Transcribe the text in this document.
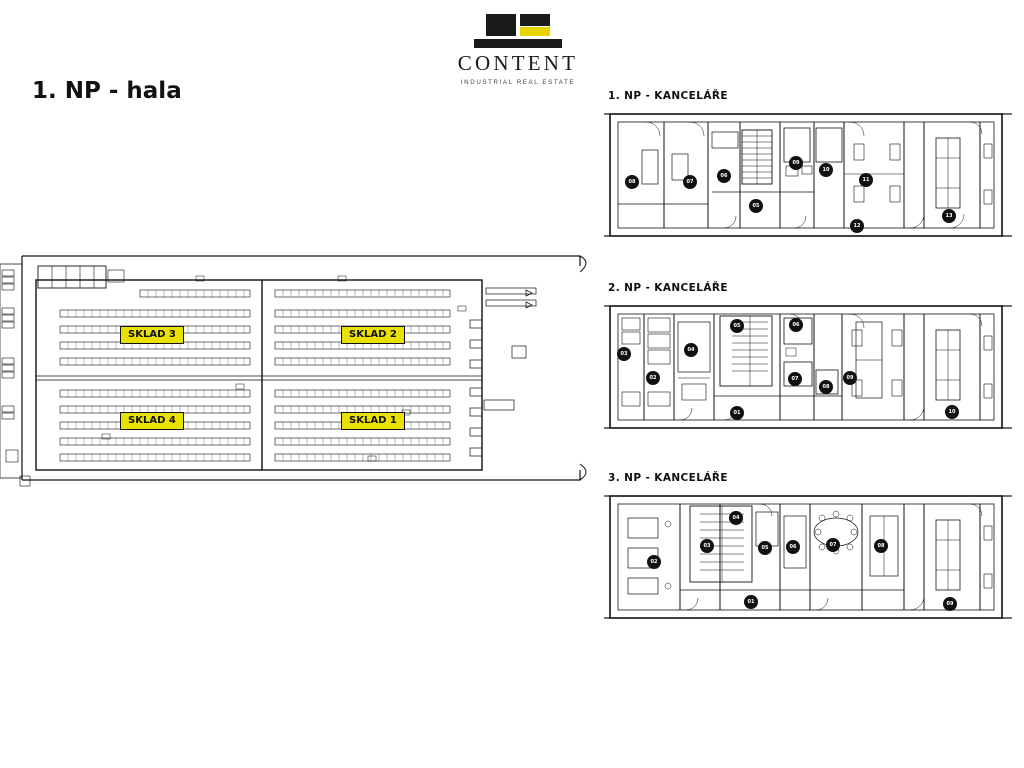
CONTENT
INDUSTRIAL REAL ESTATE
1. NP - hala
SKLAD 3	SKLAD 2
SKLAD 4	SKLAD 1
1. NP - KANCELÁŘE
08	07
06
05
09
10
11
12
13
2. NP - KANCELÁŘE
03
02
04
05	06
07
08
09
01	10
3. NP - KANCELÁŘE
02
03
04
05	06	07	08
01	09
